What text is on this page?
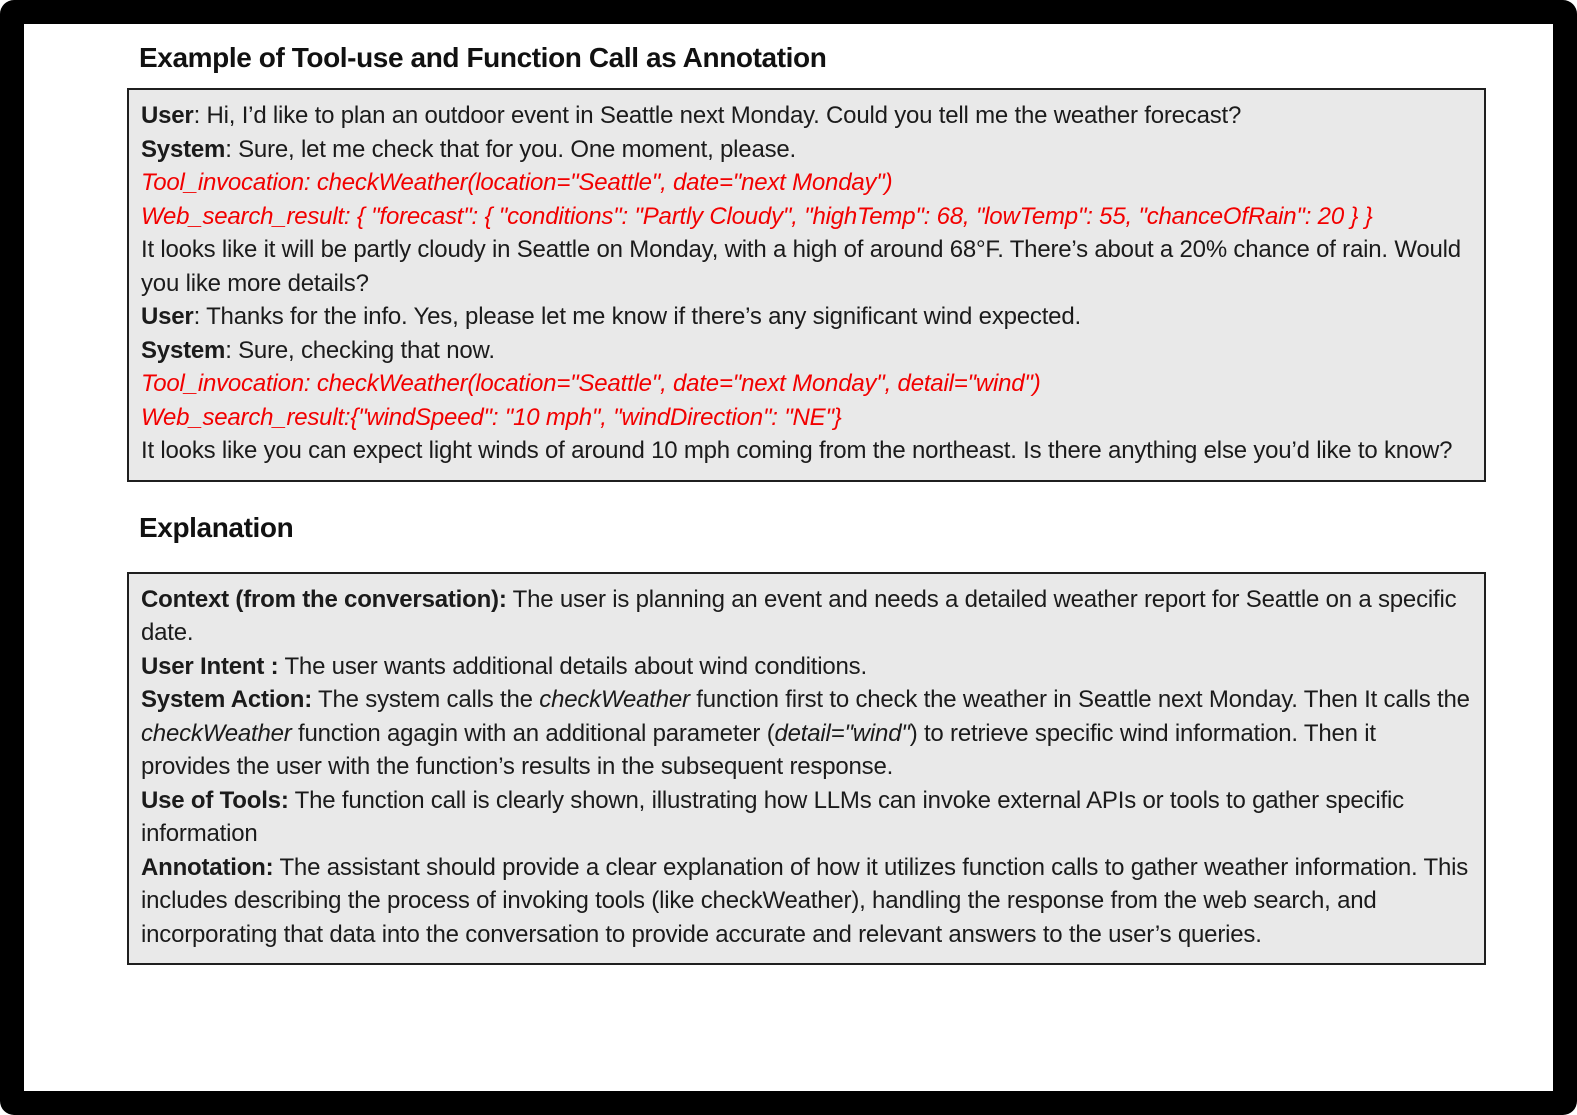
Example of Tool-use and Function Call as Annotation

User: Hi, I’d like to plan an outdoor event in Seattle next Monday. Could you tell me the weather forecast?

System: Sure, let me check that for you. One moment, please.

Tool_invocation: checkWeather(location="Seattle", date="next Monday")

Web_search_result: { "forecast": { "conditions": "Partly Cloudy", "highTemp": 68, "lowTemp": 55, "chanceOfRain": 20 } }

It looks like it will be partly cloudy in Seattle on Monday, with a high of around 68°F. There’s about a 20% chance of rain. Would you like more details?

User: Thanks for the info. Yes, please let me know if there’s any significant wind expected.

System: Sure, checking that now.

Tool_invocation: checkWeather(location="Seattle", date="next Monday", detail="wind")

Web_search_result:{"windSpeed": "10 mph", "windDirection": "NE"}

It looks like you can expect light winds of around 10 mph coming from the northeast. Is there anything else you’d like to know?

Explanation

Context (from the conversation): The user is planning an event and needs a detailed weather report for Seattle on a specific date.

User Intent : The user wants additional details about wind conditions.

System Action: The system calls the checkWeather function first to check the weather in Seattle next Monday. Then It calls the checkWeather function agagin with an additional parameter (detail="wind") to retrieve specific wind information. Then it provides the user with the function’s results in the subsequent response.

Use of Tools: The function call is clearly shown, illustrating how LLMs can invoke external APIs or tools to gather specific information

Annotation: The assistant should provide a clear explanation of how it utilizes function calls to gather weather information. This includes describing the process of invoking tools (like checkWeather), handling the response from the web search, and incorporating that data into the conversation to provide accurate and relevant answers to the user’s queries.
